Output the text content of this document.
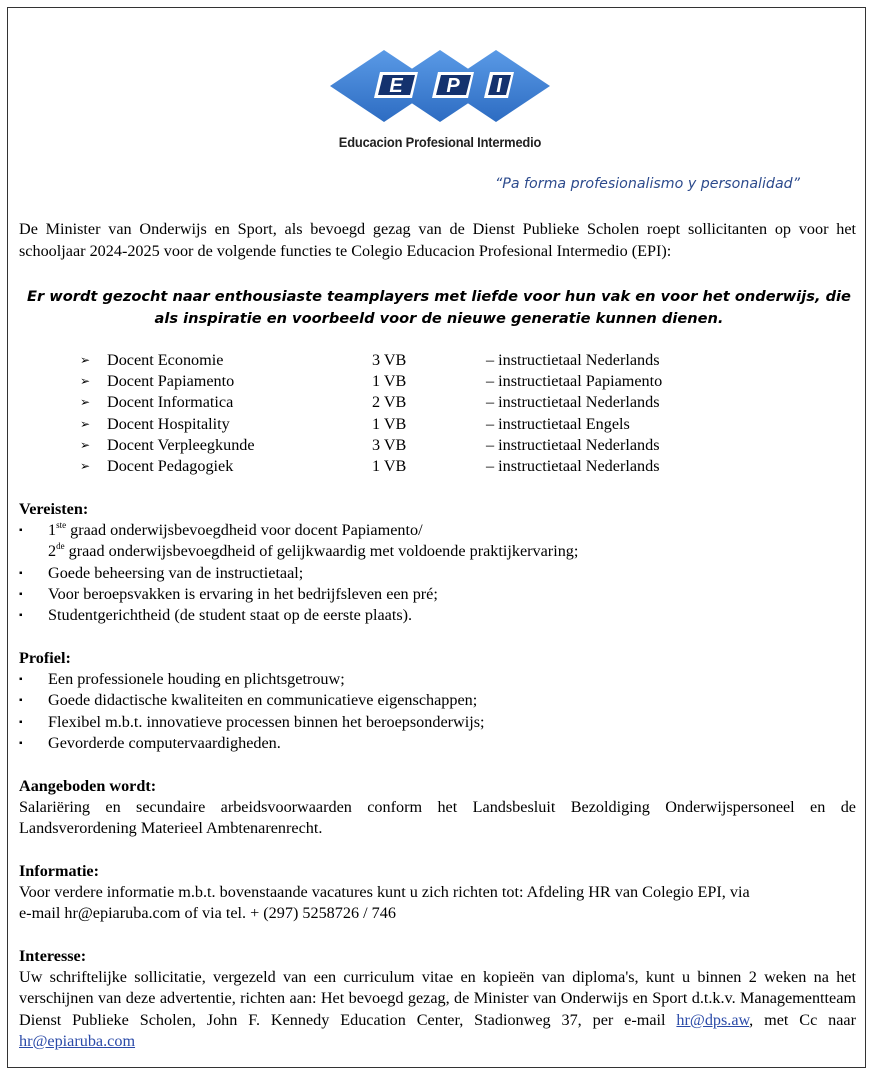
E P I
Educacion Profesional Intermedio
“Pa forma profesionalismo y personalidad”
De Minister van Onderwijs en Sport, als bevoegd gezag van de Dienst Publieke Scholen roept sollicitanten op voor het schooljaar 2024-2025 voor de volgende functies te Colegio Educacion Profesional Intermedio (EPI):
Er wordt gezocht naar enthousiaste teamplayers met liefde voor hun vak en voor het onderwijs, die als inspiratie en voorbeeld voor de nieuwe generatie kunnen dienen.
➢	Docent Economie	3 VB	– instructietaal Nederlands
➢	Docent Papiamento	1 VB	– instructietaal Papiamento
➢	Docent Informatica	2 VB	– instructietaal Nederlands
➢	Docent Hospitality	1 VB	– instructietaal Engels
➢	Docent Verpleegkunde	3 VB	– instructietaal Nederlands
➢	Docent Pedagogiek	1 VB	– instructietaal Nederlands
Vereisten:
▪	1ste graad onderwijsbevoegdheid voor docent Papiamento/
2de graad onderwijsbevoegdheid of gelijkwaardig met voldoende praktijkervaring;
▪	Goede beheersing van de instructietaal;
▪	Voor beroepsvakken is ervaring in het bedrijfsleven een pré;
▪	Studentgerichtheid (de student staat op de eerste plaats).
Profiel:
▪	Een professionele houding en plichtsgetrouw;
▪	Goede didactische kwaliteiten en communicatieve eigenschappen;
▪	Flexibel m.b.t. innovatieve processen binnen het beroepsonderwijs;
▪	Gevorderde computervaardigheden.
Aangeboden wordt:
Salariëring en secundaire arbeidsvoorwaarden conform het Landsbesluit Bezoldiging Onderwijspersoneel en de Landsverordening Materieel Ambtenarenrecht.
Informatie:
Voor verdere informatie m.b.t. bovenstaande vacatures kunt u zich richten tot: Afdeling HR van Colegio EPI, via
e-mail hr@epiaruba.com of via tel. + (297) 5258726 / 746
Interesse:
Uw schriftelijke sollicitatie, vergezeld van een curriculum vitae en kopieën van diploma's, kunt u binnen 2 weken na het verschijnen van deze advertentie, richten aan: Het bevoegd gezag, de Minister van Onderwijs en Sport d.t.k.v. Managementteam Dienst Publieke Scholen, John F. Kennedy Education Center, Stadionweg 37, per e-mail hr@dps.aw, met Cc naar hr@epiaruba.com
